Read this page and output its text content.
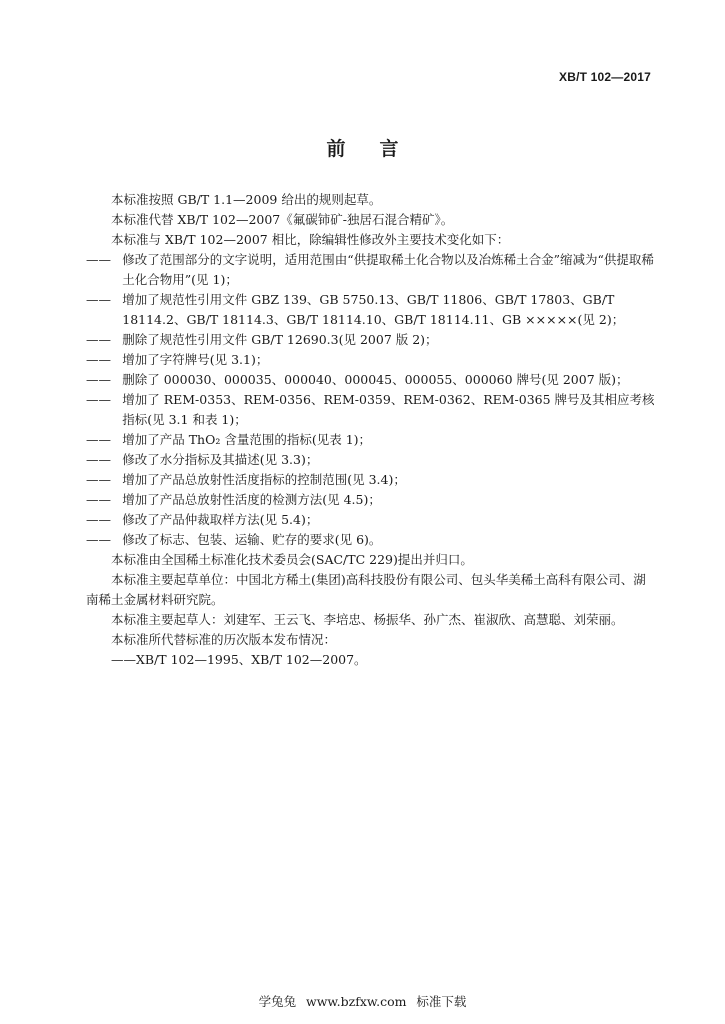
XB/T 102—2017
前言

本标准按照 GB/T 1.1—2009 给出的规则起草。

本标准代替 XB/T 102—2007《氟碳铈矿-独居石混合精矿》。

本标准与 XB/T 102—2007 相比，除编辑性修改外主要技术变化如下：

—— 修改了范围部分的文字说明，适用范围由“供提取稀土化合物以及冶炼稀土合金”缩减为“供提取稀土化合物用”(见 1)；
—— 增加了规范性引用文件 GBZ 139、GB 5750.13、GB/T 11806、GB/T 17803、GB/T 18114.2、GB/T 18114.3、GB/T 18114.10、GB/T 18114.11、GB ×××××(见 2)；
—— 删除了规范性引用文件 GB/T 12690.3(见 2007 版 2)；
—— 增加了字符牌号(见 3.1)；
—— 删除了 000030、000035、000040、000045、000055、000060 牌号(见 2007 版)；
—— 增加了 REM-0353、REM-0356、REM-0359、REM-0362、REM-0365 牌号及其相应考核指标(见 3.1 和表 1)；
—— 增加了产品 ThO₂ 含量范围的指标(见表 1)；
—— 修改了水分指标及其描述(见 3.3)；
—— 增加了产品总放射性活度指标的控制范围(见 3.4)；
—— 增加了产品总放射性活度的检测方法(见 4.5)；
—— 修改了产品仲裁取样方法(见 5.4)；
—— 修改了标志、包装、运输、贮存的要求(见 6)。

本标准由全国稀土标准化技术委员会(SAC/TC 229)提出并归口。

本标准主要起草单位：中国北方稀土(集团)高科技股份有限公司、包头华美稀土高科有限公司、湖南稀土金属材料研究院。

本标准主要起草人：刘建军、王云飞、李培忠、杨振华、孙广杰、崔淑欣、高慧聪、刘荣丽。

本标准所代替标准的历次版本发布情况：

——XB/T 102—1995、XB/T 102—2007。

学兔兔 www.bzfxw.com 标准下载
